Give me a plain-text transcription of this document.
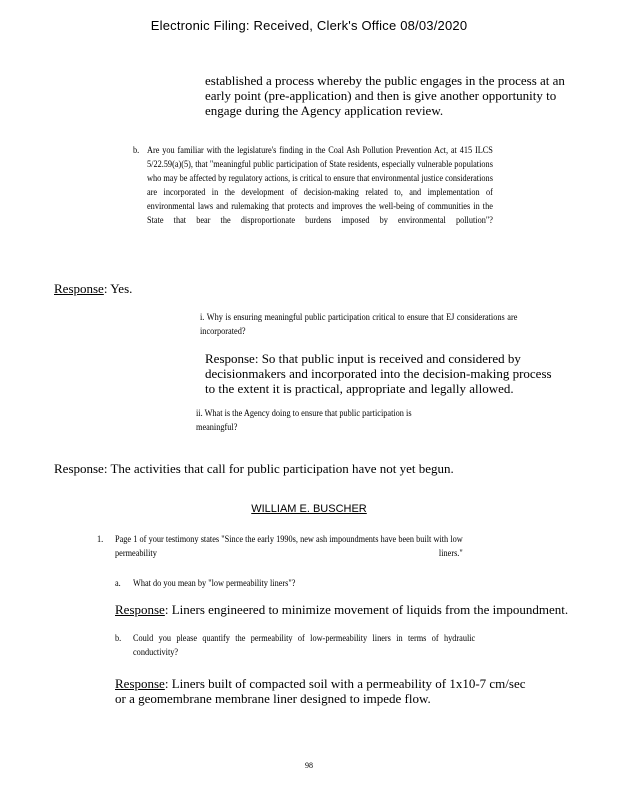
Electronic Filing: Received, Clerk's Office 08/03/2020
established a process whereby the public engages in the process at an early point (pre-application) and then is give another opportunity to engage during the Agency application review.
b. Are you familiar with the legislature's finding in the Coal Ash Pollution Prevention Act, at 415 ILCS 5/22.59(a)(5), that "meaningful public participation of State residents, especially vulnerable populations who may be affected by regulatory actions, is critical to ensure that environmental justice considerations are incorporated in the development of decision-making related to, and implementation of environmental laws and rulemaking that protects and improves the well-being of communities in the State that bear the disproportionate burdens imposed by environmental pollution"?
Response: Yes.
i. Why is ensuring meaningful public participation critical to ensure that EJ considerations are incorporated?
Response: So that public input is received and considered by decisionmakers and incorporated into the decision-making process to the extent it is practical, appropriate and legally allowed.
ii. What is the Agency doing to ensure that public participation is meaningful?
Response: The activities that call for public participation have not yet begun.
WILLIAM E. BUSCHER
1. Page 1 of your testimony states "Since the early 1990s, new ash impoundments have been built with low permeability liners."
a. What do you mean by "low permeability liners"?
Response: Liners engineered to minimize movement of liquids from the impoundment.
b. Could you please quantify the permeability of low-permeability liners in terms of hydraulic conductivity?
Response: Liners built of compacted soil with a permeability of 1x10-7 cm/sec or a geomembrane membrane liner designed to impede flow.
98
